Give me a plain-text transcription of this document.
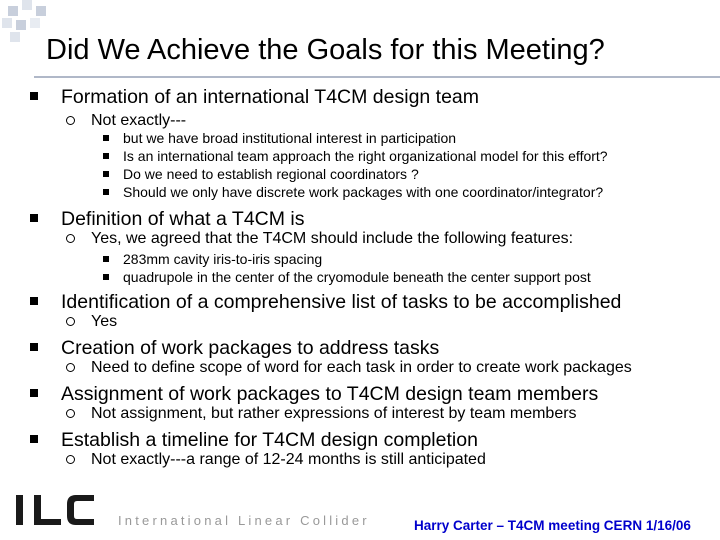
Did We Achieve the Goals for this Meeting?
Formation of an international T4CM design team
Not exactly---
but we have broad institutional interest in participation
Is an international team approach the right organizational model for this effort?
Do we need to establish regional coordinators ?
Should we only have discrete work packages with one coordinator/integrator?
Definition of what a T4CM is
Yes, we agreed that the T4CM should include the following features:
283mm cavity iris-to-iris spacing
quadrupole in the center of the cryomodule beneath the center support post
Identification of a comprehensive list of tasks to be accomplished
Yes
Creation of work packages to address tasks
Need to define scope of word for each task in order to create work packages
Assignment of work packages to T4CM design team members
Not assignment, but rather expressions of interest by team members
Establish a timeline for T4CM design completion
Not exactly---a range of 12-24 months is still anticipated
International Linear Collider	Harry Carter – T4CM meeting CERN 1/16/06
